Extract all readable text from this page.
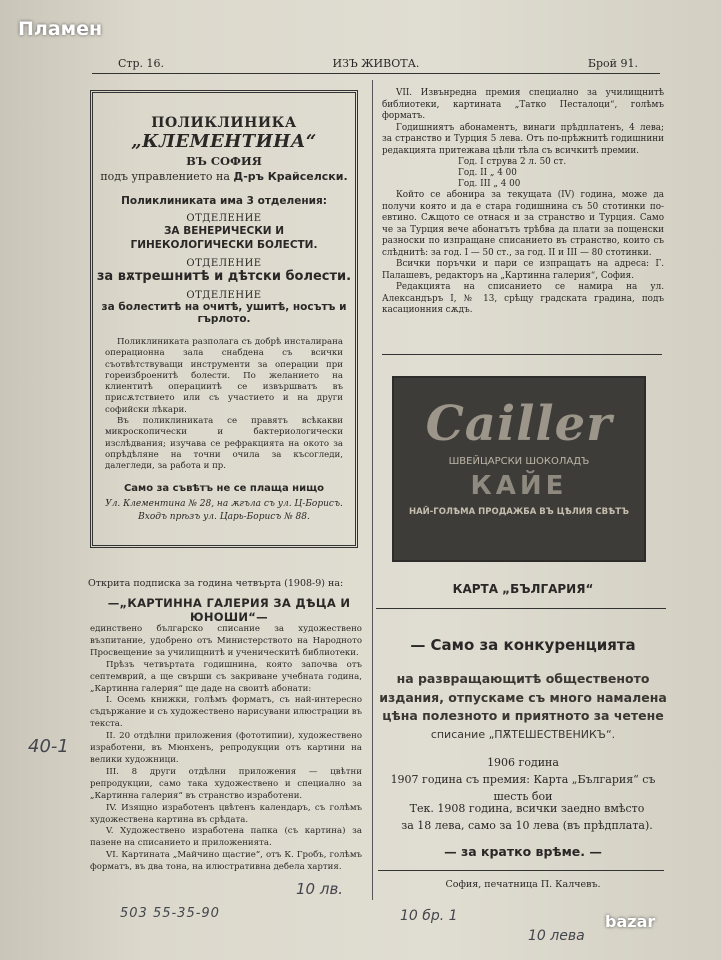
Пламен
Стр. 16.	ИЗЪ ЖИВОТА.	Брой 91.
ПОЛИКЛИНИКА „КЛЕМЕНТИНА“
ВЪ СОФИЯ
подъ управлението на Д-ръ Крайселски.
Поликлиниката има 3 отделения:
ОТДЕЛЕНИЕ
ЗА ВЕНЕРИЧЕСКИ И ГИНЕКОЛОГИЧЕСКИ БОЛЕСТИ.
ОТДЕЛЕНИЕ
за вѫтрешнитѣ и дѣтски болести.
ОТДЕЛЕНИЕ
за болеститѣ на очитѣ, ушитѣ, носътъ и гърлото.

Поликлиниката разполага съ добрѣ инсталирана операционна зала снабдена съ всички съотвѣтствуващи инструменти за операции при гореизброенитѣ болести. По желанието на клиентитѣ операциитѣ се извършватъ въ присѫтствието или съ участието и на други софийски лѣкари.

Въ поликлиниката се правятъ всѣкакви микроскопически и бактериологически изслѣдвания; изучава се рефракцията на окото за опрѣдѣляне на точни очила за късогледи, далегледи, за работа и пр.

Само за съвѣтъ не се плаща нищо
Ул. Клементина № 28, на ѫгъла съ ул. Ц-Борисъ.
Входъ прѣзъ ул. Царь-Борисъ № 88.
Открита подписка за година четвърта (1908-9) на:
— „КАРТИННА ГАЛЕРИЯ ЗА ДѢЦА И ЮНОШИ“ —

единствено българско списание за художествено възпитание, удобрено отъ Министерството на Народното Просвещение за училищнитѣ и ученическитѣ библиотеки.

Прѣзъ четвъртата годишнина, която започва отъ септемврий, а ще свърши съ закриване учебната година, „Картинна галерия“ ще даде на своитѣ абонати:

I. Осемь книжки, голѣмъ форматъ, съ най-интересно съдържание и съ художествено нарисувани илюстрации въ текста.

II. 20 отдѣлни приложения (фототипии), художествено изработени, въ Мюнхенъ, репродукции отъ картини на велики художници.

III. 8 други отдѣлни приложения — цвѣтни репродукции, само така художествено и специално за „Картинна галерия“ въ странство изработени.

IV. Изящно изработенъ цвѣтенъ календаръ, съ голѣмъ художествена картина въ срѣдата.

V. Художествено изработена папка (съ картина) за пазене на списанието и приложенията.

VI. Картината „Майчино щастие“, отъ К. Гробъ, голѣмъ форматъ, въ два тона, на илюстративна дебела хартия.

VII. Извънредна премия специално за училищнитѣ библиотеки, картината „Татко Песталоци“, голѣмъ форматъ.

Годишниятъ абонаментъ, винаги прѣдплатенъ, 4 лева; за странство и Турция 5 лева. Отъ по-прѣжнитѣ годишнини редакцията притежава цѣли тѣла съ всичкитѣ премии.

Год. I струва 2 л. 50 ст.

Год. II „ 4 00

Год. III „ 4 00

Който се абонира за текущата (IV) година, може да получи която и да е стара годишнина съ 50 стотинки по-евтино. Сѫщото се отнася и за странство и Турция. Само че за Турция вече абонатътъ трѣбва да плати за пощенски разноски по изпращане списанието въ странство, които съ слѣднитѣ: за год. I — 50 ст., за год. II и III — 80 стотинки.

Всички поръчки и пари се изпращатъ на адреса: Г. Палашевъ, редакторъ на „Картинна галерия“, София.

Редакцията на списанието се намира на ул. Александъръ I, № 13, срѣщу градската градина, подъ касационния сѫдъ.

Cailler
ШВЕЙЦАРСКИ ШОКОЛАДЪ
КАЙЕ
НАЙ-ГОЛѢМА ПРОДАЖБА ВЪ ЦѢЛИЯ СВѢТЪ
КАРТА „БЪЛГАРИЯ“
— Само за конкуренцията
на развращающитѣ общественото издания, отпускаме съ много намалена цѣна полезното и приятното за четене
списание „ПѪТЕШЕСТВЕНИКЪ“.
1906 година
1907 година съ премия: Карта „България“ съ шесть бои
Тек. 1908 година, всички заедно вмѣсто
за 18 лева, само за 10 лева (въ прѣдплата).
— за кратко врѣме. —
София, печатница П. Калчевъ.
40-1
10 лв.
503 55-35-90	10 бр. 1
10 лева
bazar
